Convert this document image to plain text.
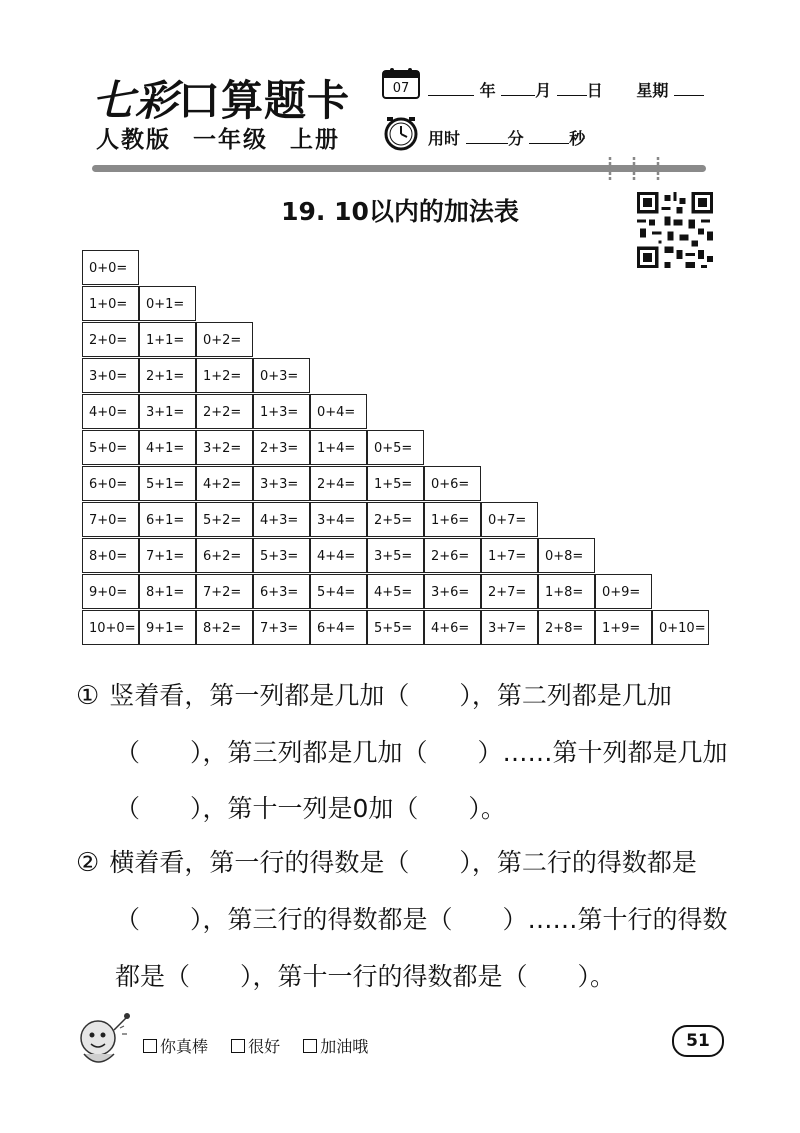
七彩口算题卡
人教版 一年级 上册
07	年 月 日 星期
用时	分	秒
19. 10以内的加法表
0+0=
1+0=	0+1=
2+0=	1+1=	0+2=
3+0=	2+1=	1+2=	0+3=
4+0=	3+1=	2+2=	1+3=	0+4=
5+0=	4+1=	3+2=	2+3=	1+4=	0+5=
6+0=	5+1=	4+2=	3+3=	2+4=	1+5=	0+6=
7+0=	6+1=	5+2=	4+3=	3+4=	2+5=	1+6=	0+7=
8+0=	7+1=	6+2=	5+3=	4+4=	3+5=	2+6=	1+7=	0+8=
9+0=	8+1=	7+2=	6+3=	5+4=	4+5=	3+6=	2+7=	1+8=	0+9=
10+0= 9+1=	8+2=	7+3=	6+4=	5+5=	4+6=	3+7=	2+8=	1+9=	0+10=
① 竖着看，第一列都是几加（　　），第二列都是几加
（　　），第三列都是几加（　　）……第十列都是几加
（　　），第十一列是0加（　　）。
② 横着看，第一行的得数是（　　），第二行的得数都是
（　　），第三行的得数都是（　　）……第十行的得数
都是（　　），第十一行的得数都是（　　）。
你真棒	很好	加油哦	51
